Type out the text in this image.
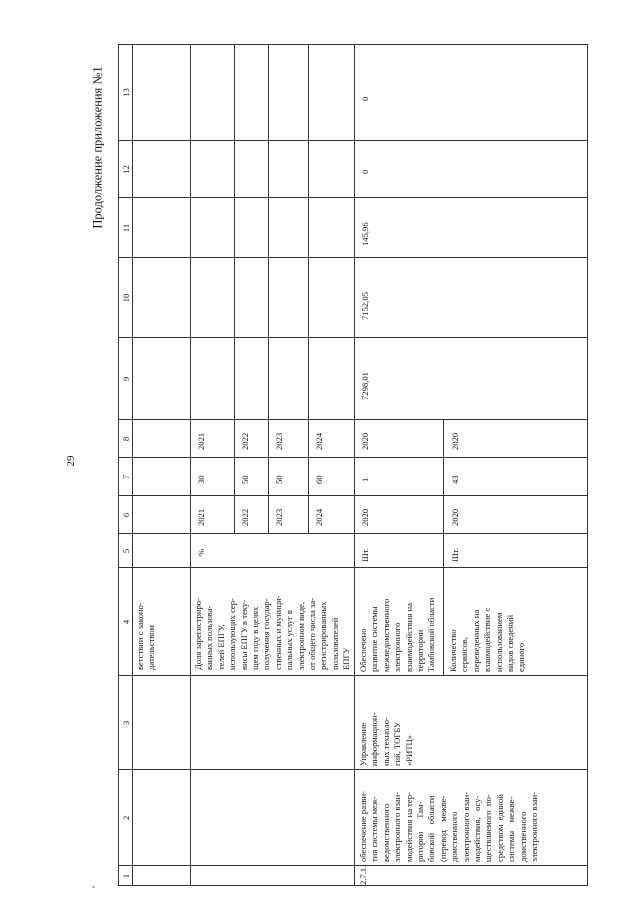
29
Продолжение приложения №1
1
2
3
4
5
6
7
8
9
10
11
12
13
ветствии с законо-
дательством	Доля зарегистриро-
ванных пользова-
телей ЕПГУ,
использующих сер-
висы ЕПГУ в теку-
щем году в целях
получения государ-
ственных и муници-
пальных услуг в
электронном виде,
от общего числа за-
регистрированных
пользователей
ЕПГУ
%
2021
30
2021
2022
50
2022
2023
50
2023
2024
60
2024
2.7.1.
обеспечение разви-
тия системы меж-
ведомственного
электронного взаи-
модействия на тер-
ритории      Там-
бовской    области
(перевод    межве-
домственного
электронного взаи-
модействия,   осу-
ществляемого  по-
средством  единой
системы    межве-
домственного
электронного взаи-
Управление
информацион-
ных техноло-
гий, ТОГБУ
«РИТЦ»
Обеспечено
развитие системы
межведомственного
электронного
взаимодействия на
территории
Тамбовской области
Шт.
2020
1
2020
7298,01
7152,05
145,96
0
0
Количество
сервисов,
переведенных на
взаимодействие с
использованием
видов сведений
единого
Шт.
2020
43
2020
